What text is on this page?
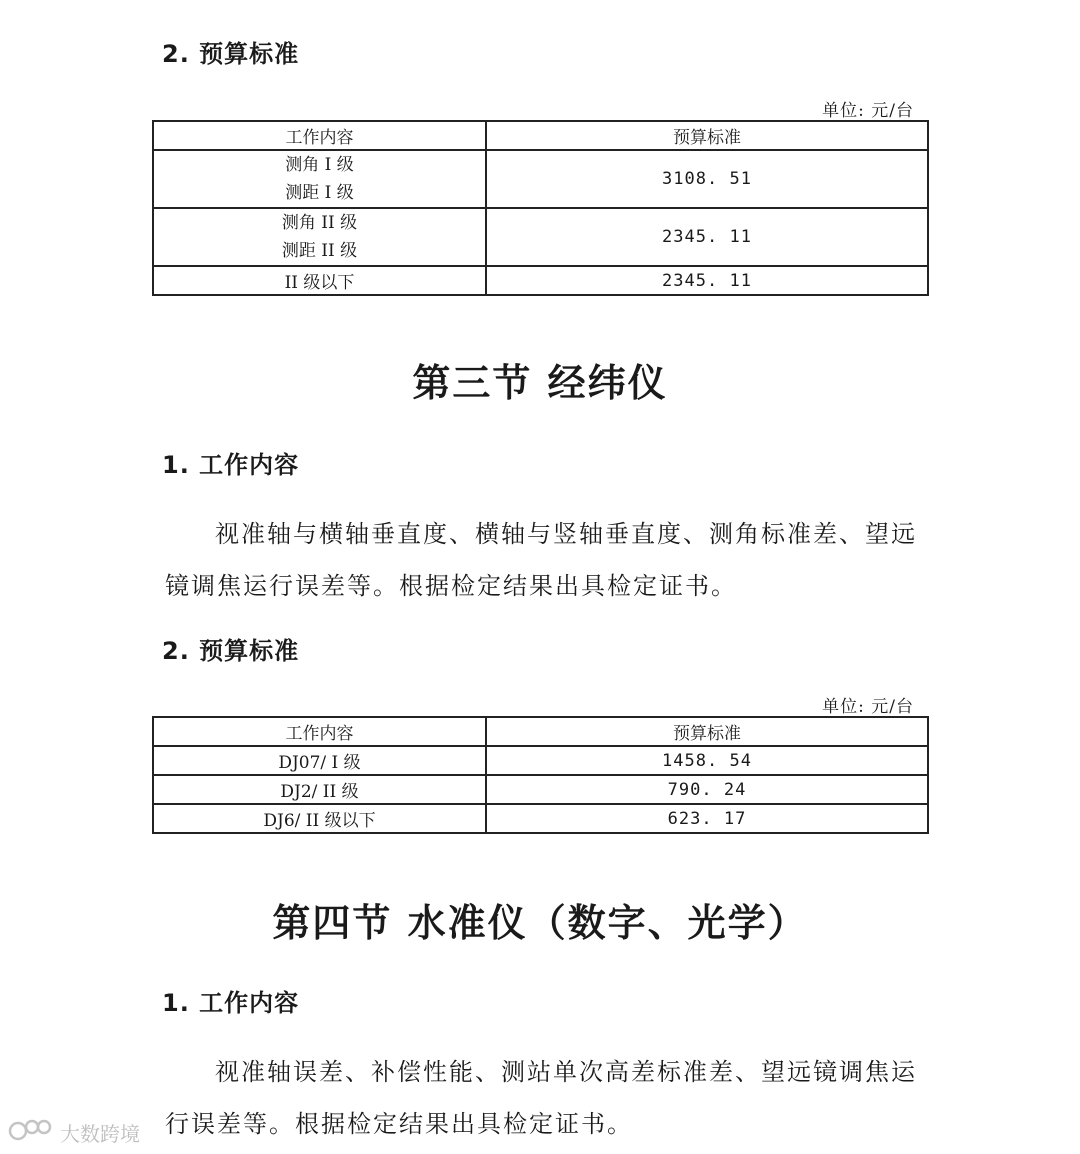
2. 预算标准
单位: 元/台
工作内容	预算标准

测角 I 级
测距 I 级	3108. 51

测角 II 级
测距 II 级	2345. 11
II 级以下	2345. 11
第三节 经纬仪
1. 工作内容

视准轴与横轴垂直度、横轴与竖轴垂直度、测角标准差、望远镜调焦运行误差等。根据检定结果出具检定证书。

2. 预算标准
单位: 元/台
工作内容	预算标准
DJ07/ I 级	1458. 54
DJ2/ II 级	790. 24
DJ6/ II 级以下	623. 17
第四节 水准仪（数字、光学）
1. 工作内容

视准轴误差、补偿性能、测站单次高差标准差、望远镜调焦运行误差等。根据检定结果出具检定证书。

大数跨境
